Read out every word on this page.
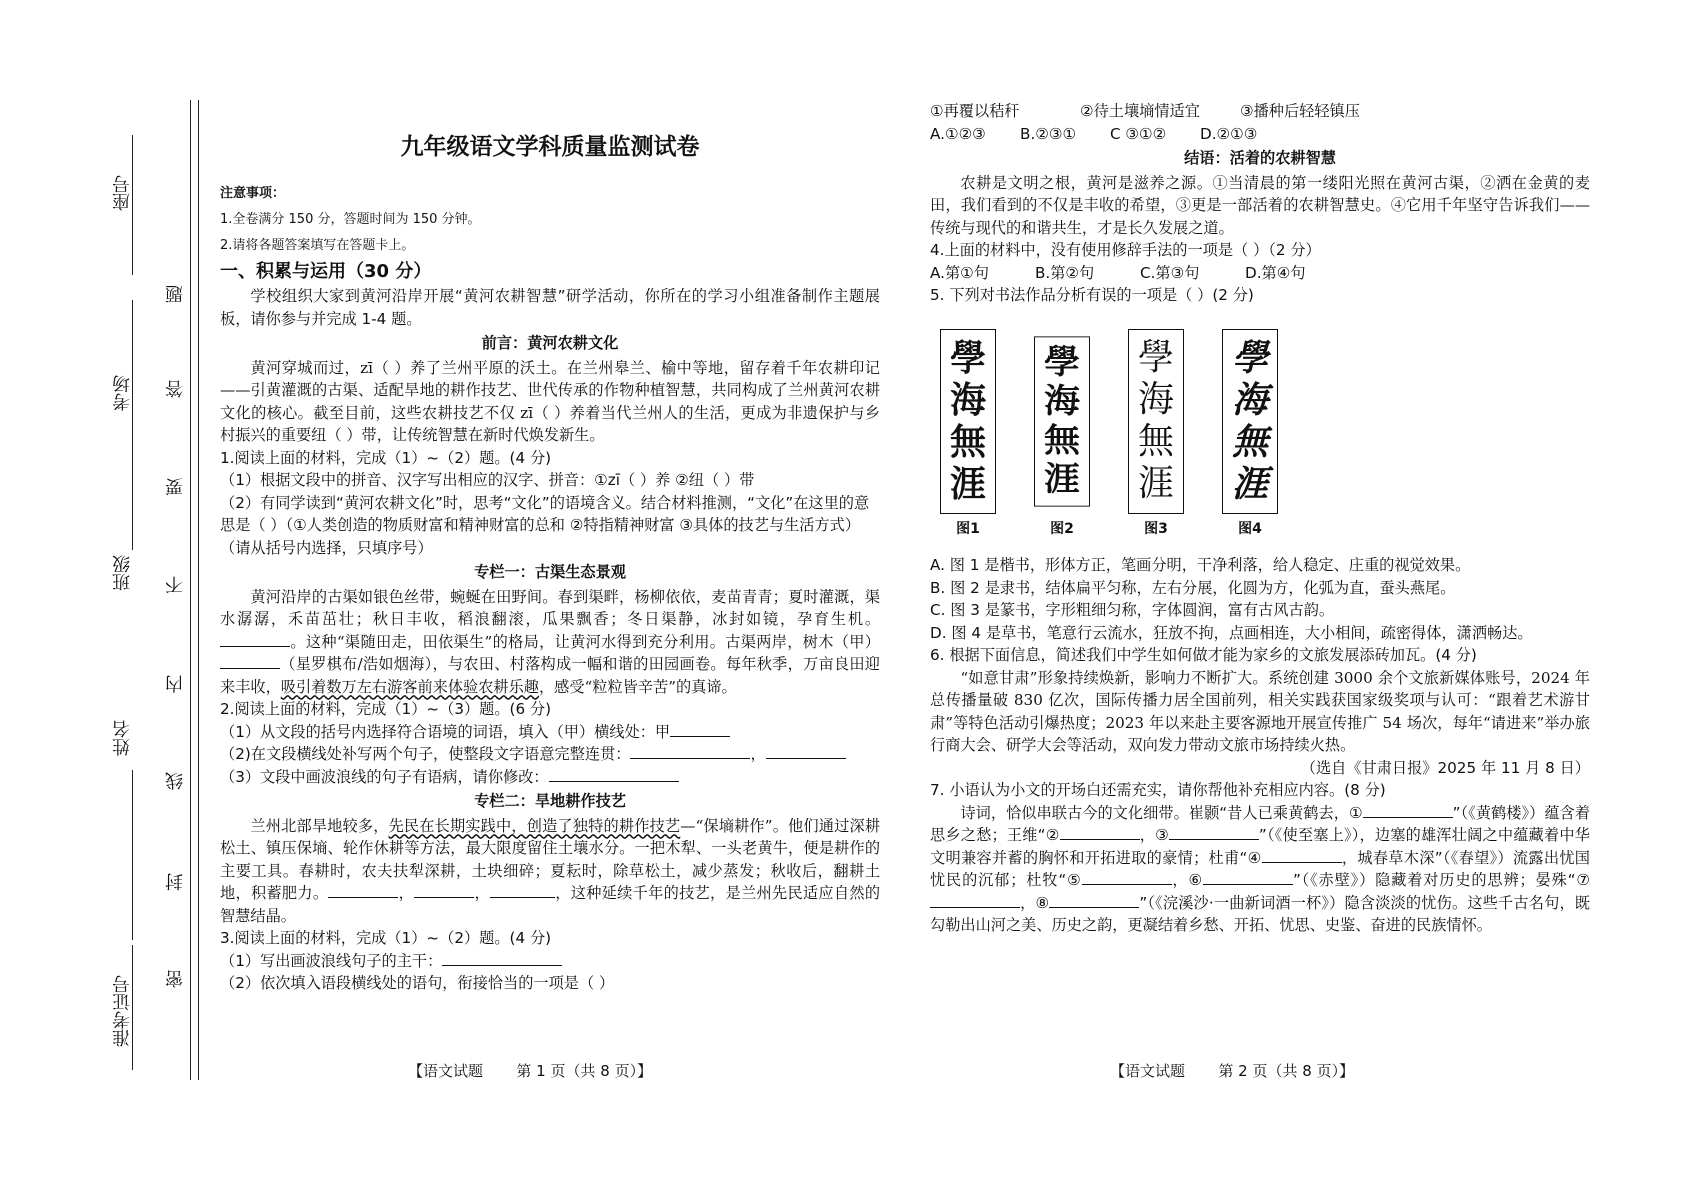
座号
考场
班级
姓名
准考证号
题
答
要
不
内
线
封
密
九年级语文学科质量监测试卷

注意事项：

1.全卷满分 150 分，答题时间为 150 分钟。

2.请将各题答案填写在答题卡上。

一、积累与运用（30 分）

学校组织大家到黄河沿岸开展“黄河农耕智慧”研学活动，你所在的学习小组准备制作主题展板，请你参与并完成 1-4 题。

前言：黄河农耕文化

黄河穿城而过，zī（ ）养了兰州平原的沃土。在兰州皋兰、榆中等地，留存着千年农耕印记——引黄灌溉的古渠、适配旱地的耕作技艺、世代传承的作物种植智慧，共同构成了兰州黄河农耕文化的核心。截至目前，这些农耕技艺不仅 zī（ ）养着当代兰州人的生活，更成为非遗保护与乡村振兴的重要纽（ ）带，让传统智慧在新时代焕发新生。

1.阅读上面的材料，完成（1）~（2）题。(4 分)

（1）根据文段中的拼音、汉字写出相应的汉字、拼音：①zī（ ）养 ②纽（ ）带

（2）有同学读到“黄河农耕文化”时，思考“文化”的语境含义。结合材料推测，“文化”在这里的意思是（ ）（①人类创造的物质财富和精神财富的总和 ②特指精神财富 ③具体的技艺与生活方式）（请从括号内选择，只填序号）

专栏一：古渠生态景观

黄河沿岸的古渠如银色丝带，蜿蜒在田野间。春到渠畔，杨柳依依，麦苗青青；夏时灌溉，渠水潺潺，禾苗茁壮；秋日丰收，稻浪翻滚，瓜果飘香；冬日渠静，冰封如镜，孕育生机。。这种“渠随田走，田依渠生”的格局，让黄河水得到充分利用。古渠两岸，树木（甲）（星罗棋布/浩如烟海），与农田、村落构成一幅和谐的田园画卷。每年秋季，万亩良田迎来丰收，吸引着数万左右游客前来体验农耕乐趣，感受“粒粒皆辛苦”的真谛。

2.阅读上面的材料，完成（1）~（3）题。(6 分)

（1）从文段的括号内选择符合语境的词语，填入（甲）横线处：甲

（2)在文段横线处补写两个句子，使整段文字语意完整连贯：	，

（3）文段中画波浪线的句子有语病，请你修改：

专栏二：旱地耕作技艺

兰州北部旱地较多，先民在长期实践中，创造了独特的耕作技艺—“保墒耕作”。他们通过深耕松土、镇压保墒、轮作休耕等方法，最大限度留住土壤水分。一把木犁、一头老黄牛，便是耕作的主要工具。春耕时，农夫扶犁深耕，土块细碎；夏耘时，除草松土，减少蒸发；秋收后，翻耕土地，积蓄肥力。	，	，	，这种延续千年的技艺，是兰州先民适应自然的智慧结晶。

3.阅读上面的材料，完成（1）~（2）题。(4 分)

（1）写出画波浪线句子的主干：

（2）依次填入语段横线处的语句，衔接恰当的一项是（ ）

【语文试题 第 1 页（共 8 页）】
①再覆以秸秆	②待土壤墒情适宜	③播种后轻轻镇压
A.①②③	B.②③①	C ③①②	D.②①③

结语：活着的农耕智慧

农耕是文明之根，黄河是滋养之源。①当清晨的第一缕阳光照在黄河古渠，②洒在金黄的麦田，我们看到的不仅是丰收的希望，③更是一部活着的农耕智慧史。④它用千年坚守告诉我们——传统与现代的和谐共生，才是长久发展之道。

4.上面的材料中，没有使用修辞手法的一项是（ ）（2 分）

A.第①句	B.第②句	C.第③句	D.第④句

5. 下列对书法作品分析有误的一项是（ ）(2 分)

學
海
無
涯
图1
學
海
無
涯
图2
學
海
無
涯
图3
學
海
無
涯
图4

A. 图 1 是楷书，形体方正，笔画分明，干净利落，给人稳定、庄重的视觉效果。

B. 图 2 是隶书，结体扁平匀称，左右分展，化圆为方，化弧为直，蚕头燕尾。

C. 图 3 是篆书，字形粗细匀称，字体圆润，富有古风古韵。

D. 图 4 是草书，笔意行云流水，狂放不拘，点画相连，大小相间，疏密得体，潇洒畅达。

6. 根据下面信息，简述我们中学生如何做才能为家乡的文旅发展添砖加瓦。(4 分)

“如意甘肃”形象持续焕新，影响力不断扩大。系统创建 3000 余个文旅新媒体账号，2024 年总传播量破 830 亿次，国际传播力居全国前列，相关实践获国家级奖项与认可：“跟着艺术游甘肃”等特色活动引爆热度；2023 年以来赴主要客源地开展宣传推广 54 场次，每年“请进来”举办旅行商大会、研学大会等活动，双向发力带动文旅市场持续火热。

（选自《甘肃日报》2025 年 11 月 8 日）

7. 小语认为小文的开场白还需充实，请你帮他补充相应内容。(8 分)

诗词，恰似串联古今的文化细带。崔颢“昔人已乘黄鹤去，①	”（《黄鹤楼》）蕴含着思乡之愁；王维“②	，③	”（《使至塞上》），边塞的雄浑壮阔之中蕴藏着中华文明兼容并蓄的胸怀和开拓进取的豪情；杜甫“④	，城春草木深”（《春望》）流露出忧国忧民的沉郁；杜牧“⑤	，⑥	”（《赤壁》）隐藏着对历史的思辨；晏殊“⑦，⑧	”（《浣溪沙·一曲新词酒一杯》）隐含淡淡的忧伤。这些千古名句，既勾勒出山河之美、历史之韵，更凝结着乡愁、开拓、忧思、史鉴、奋进的民族情怀。

【语文试题 第 2 页（共 8 页）】
